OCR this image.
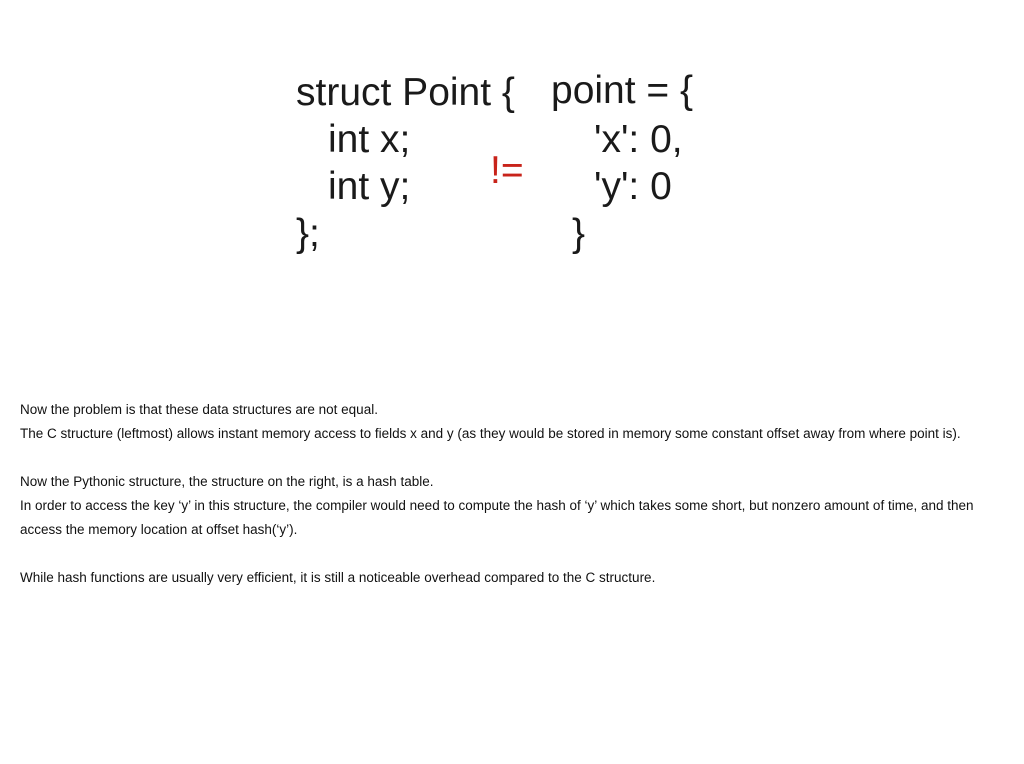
struct Point {

int x;

int y;

};

!=

point = {

'x': 0,

'y': 0

}

Now the problem is that these data structures are not equal.

The C structure (leftmost) allows instant memory access to fields x and y (as they would be stored in memory some constant offset away from where point is).

Now the Pythonic structure, the structure on the right, is a hash table.

In order to access the key ‘y’ in this structure, the compiler would need to compute the hash of ‘y’ which takes some short, but nonzero amount of time, and then access the memory location at offset hash(‘y’).

While hash functions are usually very efficient, it is still a noticeable overhead compared to the C structure.
